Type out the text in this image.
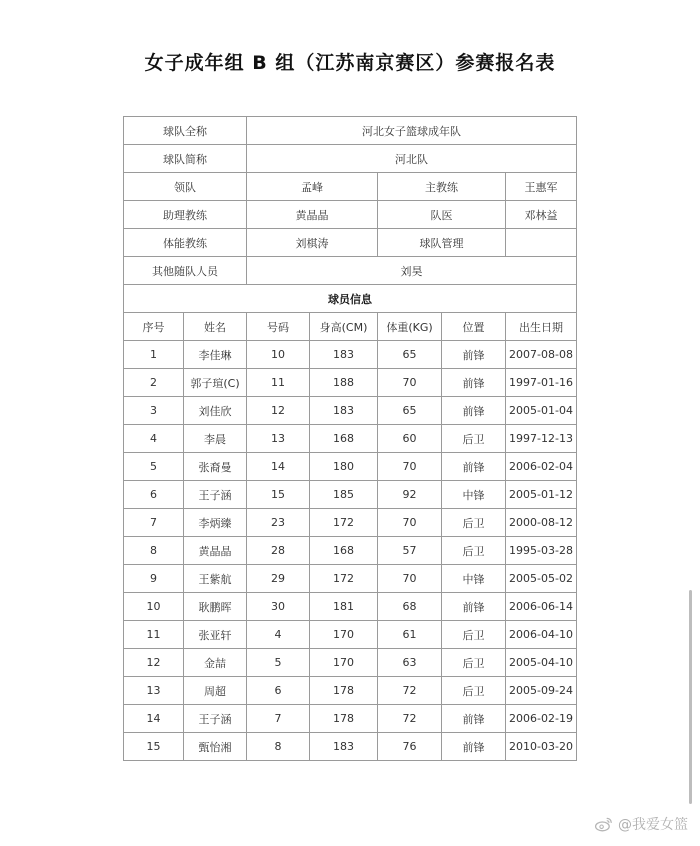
女子成年组 B 组（江苏南京赛区）参赛报名表
球队全称		河北女子篮球成年队				
球队简称		河北队				
领队		孟峰		主教练		王惠军
助理教练		黄晶晶		队医		邓林益
体能教练		刘棋涛		球队管理		
其他随队人员		刘昊				
球员信息						
序号	姓名	号码	身高(CM)	体重(KG)	位置	出生日期
1	李佳琳	10	183	65	前锋	2007-08-08
2	郭子瑄(C)	11	188	70	前锋	1997-01-16
3	刘佳欣	12	183	65	前锋	2005-01-04
4	李晨	13	168	60	后卫	1997-12-13
5	张裔曼	14	180	70	前锋	2006-02-04
6	王子涵	15	185	92	中锋	2005-01-12
7	李炳臻	23	172	70	后卫	2000-08-12
8	黄晶晶	28	168	57	后卫	1995-03-28
9	王紫航	29	172	70	中锋	2005-05-02
10	耿鹏晖	30	181	68	前锋	2006-06-14
11	张亚轩	4	170	61	后卫	2006-04-10
12	金喆	5	170	63	后卫	2005-04-10
13	周超	6	178	72	后卫	2005-09-24
14	王子涵	7	178	72	前锋	2006-02-19
15	甄怡湘	8	183	76	前锋	2010-03-20
@我爱女篮
